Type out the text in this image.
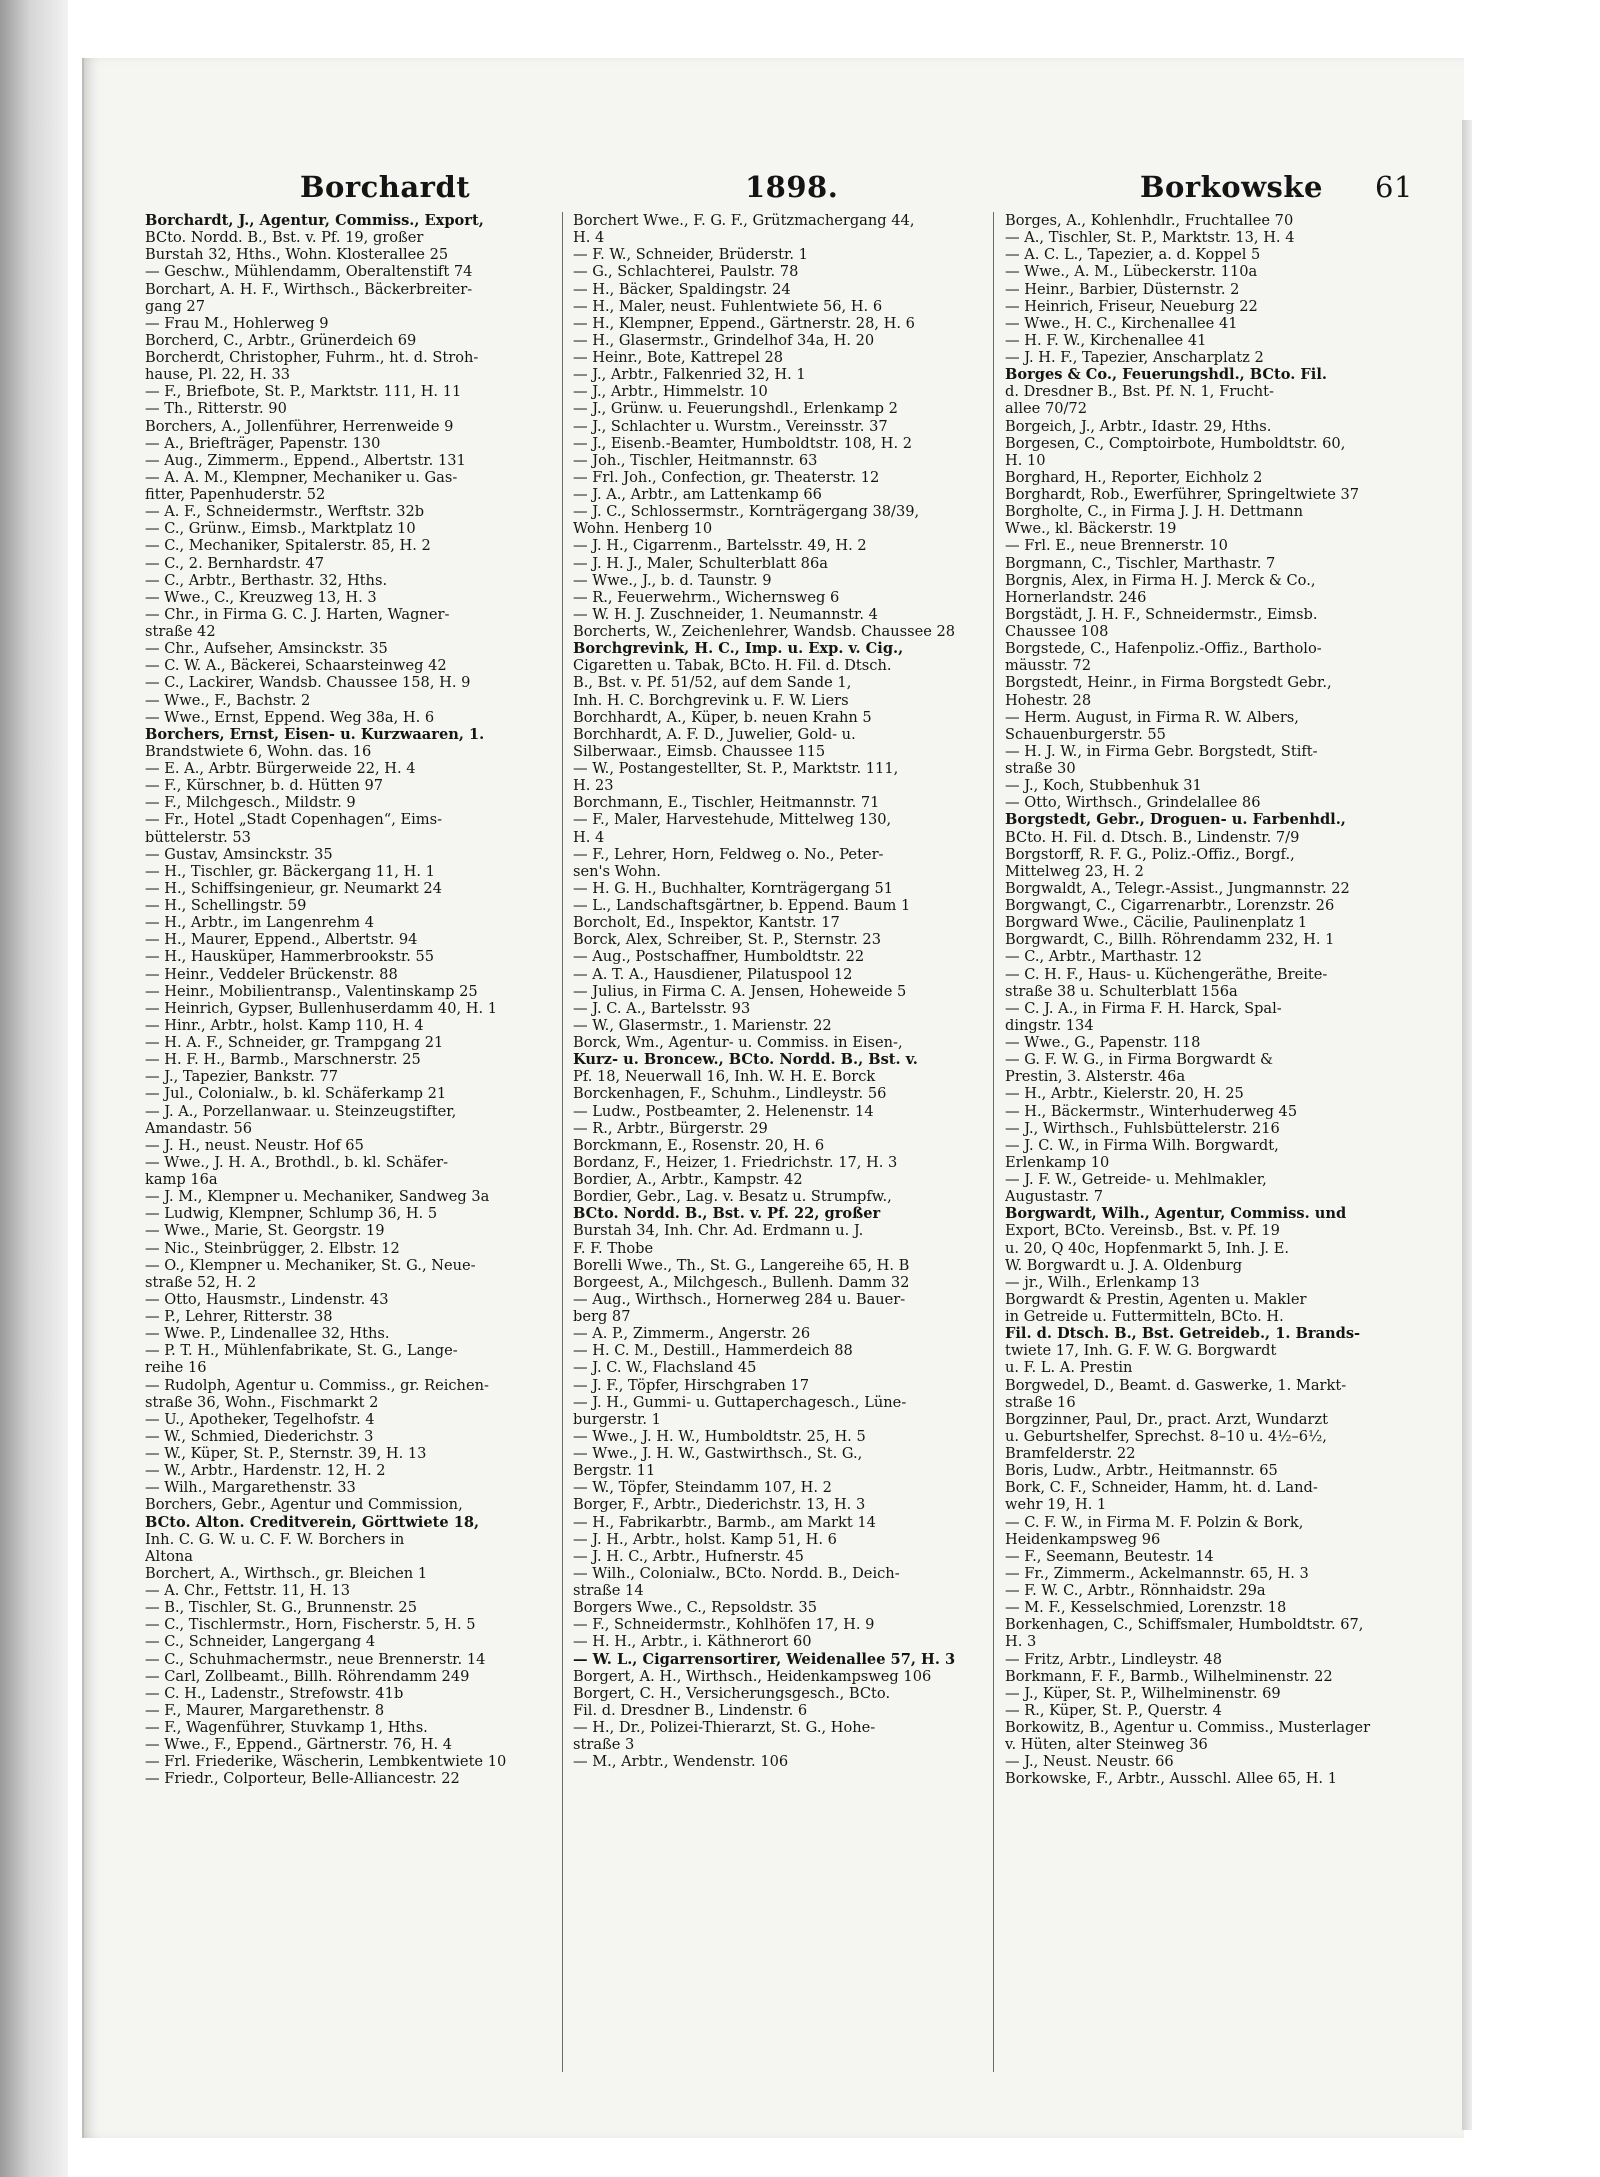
Borchardt	1898.	Borkowske 61
Borchardt, J., Agentur, Commiss., Export,
BCto. Nordd. B., Bst. v. Pf. 19, großer
Burstah 32, Hths., Wohn. Klosterallee 25
— Geschw., Mühlendamm, Oberaltenstift 74
Borchart, A. H. F., Wirthsch., Bäckerbreiter-
gang 27
— Frau M., Hohlerweg 9
Borcherd, C., Arbtr., Grünerdeich 69
Borcherdt, Christopher, Fuhrm., ht. d. Stroh-
hause, Pl. 22, H. 33
— F., Briefbote, St. P., Marktstr. 111, H. 11
— Th., Ritterstr. 90
Borchers, A., Jollenführer, Herrenweide 9
— A., Briefträger, Papenstr. 130
— Aug., Zimmerm., Eppend., Albertstr. 131
— A. A. M., Klempner, Mechaniker u. Gas-
fitter, Papenhuderstr. 52
— A. F., Schneidermstr., Werftstr. 32b
— C., Grünw., Eimsb., Marktplatz 10
— C., Mechaniker, Spitalerstr. 85, H. 2
— C., 2. Bernhardstr. 47
— C., Arbtr., Berthastr. 32, Hths.
— Wwe., C., Kreuzweg 13, H. 3
— Chr., in Firma G. C. J. Harten, Wagner-
straße 42
— Chr., Aufseher, Amsinckstr. 35
— C. W. A., Bäckerei, Schaarsteinweg 42
— C., Lackirer, Wandsb. Chaussee 158, H. 9
— Wwe., F., Bachstr. 2
— Wwe., Ernst, Eppend. Weg 38a, H. 6
Borchers, Ernst, Eisen- u. Kurzwaaren, 1.
Brandstwiete 6, Wohn. das. 16
— E. A., Arbtr. Bürgerweide 22, H. 4
— F., Kürschner, b. d. Hütten 97
— F., Milchgesch., Mildstr. 9
— Fr., Hotel „Stadt Copenhagen“, Eims-
büttelerstr. 53
— Gustav, Amsinckstr. 35
— H., Tischler, gr. Bäckergang 11, H. 1
— H., Schiffsingenieur, gr. Neumarkt 24
— H., Schellingstr. 59
— H., Arbtr., im Langenrehm 4
— H., Maurer, Eppend., Albertstr. 94
— H., Hausküper, Hammerbrookstr. 55
— Heinr., Veddeler Brückenstr. 88
— Heinr., Mobilientransp., Valentinskamp 25
— Heinrich, Gypser, Bullenhuserdamm 40, H. 1
— Hinr., Arbtr., holst. Kamp 110, H. 4
— H. A. F., Schneider, gr. Trampgang 21
— H. F. H., Barmb., Marschnerstr. 25
— J., Tapezier, Bankstr. 77
— Jul., Colonialw., b. kl. Schäferkamp 21
— J. A., Porzellanwaar. u. Steinzeugstifter,
Amandastr. 56
— J. H., neust. Neustr. Hof 65
— Wwe., J. H. A., Brothdl., b. kl. Schäfer-
kamp 16a
— J. M., Klempner u. Mechaniker, Sandweg 3a
— Ludwig, Klempner, Schlump 36, H. 5
— Wwe., Marie, St. Georgstr. 19
— Nic., Steinbrügger, 2. Elbstr. 12
— O., Klempner u. Mechaniker, St. G., Neue-
straße 52, H. 2
— Otto, Hausmstr., Lindenstr. 43
— P., Lehrer, Ritterstr. 38
— Wwe. P., Lindenallee 32, Hths.
— P. T. H., Mühlenfabrikate, St. G., Lange-
reihe 16
— Rudolph, Agentur u. Commiss., gr. Reichen-
straße 36, Wohn., Fischmarkt 2
— U., Apotheker, Tegelhofstr. 4
— W., Schmied, Diederichstr. 3
— W., Küper, St. P., Sternstr. 39, H. 13
— W., Arbtr., Hardenstr. 12, H. 2
— Wilh., Margarethenstr. 33
Borchers, Gebr., Agentur und Commission,
BCto. Alton. Creditverein, Görttwiete 18,
Inh. C. G. W. u. C. F. W. Borchers in
Altona
Borchert, A., Wirthsch., gr. Bleichen 1
— A. Chr., Fettstr. 11, H. 13
— B., Tischler, St. G., Brunnenstr. 25
— C., Tischlermstr., Horn, Fischerstr. 5, H. 5
— C., Schneider, Langergang 4
— C., Schuhmachermstr., neue Brennerstr. 14
— Carl, Zollbeamt., Billh. Röhrendamm 249
— C. H., Ladenstr., Strefowstr. 41b
— F., Maurer, Margarethenstr. 8
— F., Wagenführer, Stuvkamp 1, Hths.
— Wwe., F., Eppend., Gärtnerstr. 76, H. 4
— Frl. Friederike, Wäscherin, Lembkentwiete 10
— Friedr., Colporteur, Belle-Alliancestr. 22
Borchert Wwe., F. G. F., Grützmachergang 44,
H. 4
— F. W., Schneider, Brüderstr. 1
— G., Schlachterei, Paulstr. 78
— H., Bäcker, Spaldingstr. 24
— H., Maler, neust. Fuhlentwiete 56, H. 6
— H., Klempner, Eppend., Gärtnerstr. 28, H. 6
— H., Glasermstr., Grindelhof 34a, H. 20
— Heinr., Bote, Kattrepel 28
— J., Arbtr., Falkenried 32, H. 1
— J., Arbtr., Himmelstr. 10
— J., Grünw. u. Feuerungshdl., Erlenkamp 2
— J., Schlachter u. Wurstm., Vereinsstr. 37
— J., Eisenb.-Beamter, Humboldtstr. 108, H. 2
— Joh., Tischler, Heitmannstr. 63
— Frl. Joh., Confection, gr. Theaterstr. 12
— J. A., Arbtr., am Lattenkamp 66
— J. C., Schlossermstr., Kornträgergang 38/39,
Wohn. Henberg 10
— J. H., Cigarrenm., Bartelsstr. 49, H. 2
— J. H. J., Maler, Schulterblatt 86a
— Wwe., J., b. d. Taunstr. 9
— R., Feuerwehrm., Wichernsweg 6
— W. H. J. Zuschneider, 1. Neumannstr. 4
Borcherts, W., Zeichenlehrer, Wandsb. Chaussee 28
Borchgrevink, H. C., Imp. u. Exp. v. Cig.,
Cigaretten u. Tabak, BCto. H. Fil. d. Dtsch.
B., Bst. v. Pf. 51/52, auf dem Sande 1,
Inh. H. C. Borchgrevink u. F. W. Liers
Borchhardt, A., Küper, b. neuen Krahn 5
Borchhardt, A. F. D., Juwelier, Gold- u.
Silberwaar., Eimsb. Chaussee 115
— W., Postangestellter, St. P., Marktstr. 111,
H. 23
Borchmann, E., Tischler, Heitmannstr. 71
— F., Maler, Harvestehude, Mittelweg 130,
H. 4
— F., Lehrer, Horn, Feldweg o. No., Peter-
sen's Wohn.
— H. G. H., Buchhalter, Kornträgergang 51
— L., Landschaftsgärtner, b. Eppend. Baum 1
Borcholt, Ed., Inspektor, Kantstr. 17
Borck, Alex, Schreiber, St. P., Sternstr. 23
— Aug., Postschaffner, Humboldtstr. 22
— A. T. A., Hausdiener, Pilatuspool 12
— Julius, in Firma C. A. Jensen, Hoheweide 5
— J. C. A., Bartelsstr. 93
— W., Glasermstr., 1. Marienstr. 22
Borck, Wm., Agentur- u. Commiss. in Eisen-,
Kurz- u. Broncew., BCto. Nordd. B., Bst. v.
Pf. 18, Neuerwall 16, Inh. W. H. E. Borck
Borckenhagen, F., Schuhm., Lindleystr. 56
— Ludw., Postbeamter, 2. Helenenstr. 14
— R., Arbtr., Bürgerstr. 29
Borckmann, E., Rosenstr. 20, H. 6
Bordanz, F., Heizer, 1. Friedrichstr. 17, H. 3
Bordier, A., Arbtr., Kampstr. 42
Bordier, Gebr., Lag. v. Besatz u. Strumpfw.,
BCto. Nordd. B., Bst. v. Pf. 22, großer
Burstah 34, Inh. Chr. Ad. Erdmann u. J.
F. F. Thobe
Borelli Wwe., Th., St. G., Langereihe 65, H. B
Borgeest, A., Milchgesch., Bullenh. Damm 32
— Aug., Wirthsch., Hornerweg 284 u. Bauer-
berg 87
— A. P., Zimmerm., Angerstr. 26
— H. C. M., Destill., Hammerdeich 88
— J. C. W., Flachsland 45
— J. F., Töpfer, Hirschgraben 17
— J. H., Gummi- u. Guttaperchagesch., Lüne-
burgerstr. 1
— Wwe., J. H. W., Humboldtstr. 25, H. 5
— Wwe., J. H. W., Gastwirthsch., St. G.,
Bergstr. 11
— W., Töpfer, Steindamm 107, H. 2
Borger, F., Arbtr., Diederichstr. 13, H. 3
— H., Fabrikarbtr., Barmb., am Markt 14
— J. H., Arbtr., holst. Kamp 51, H. 6
— J. H. C., Arbtr., Hufnerstr. 45
— Wilh., Colonialw., BCto. Nordd. B., Deich-
straße 14
Borgers Wwe., C., Repsoldstr. 35
— F., Schneidermstr., Kohlhöfen 17, H. 9
— H. H., Arbtr., i. Käthnerort 60
— W. L., Cigarrensortirer, Weidenallee 57, H. 3
Borgert, A. H., Wirthsch., Heidenkampsweg 106
Borgert, C. H., Versicherungsgesch., BCto.
Fil. d. Dresdner B., Lindenstr. 6
— H., Dr., Polizei-Thierarzt, St. G., Hohe-
straße 3
— M., Arbtr., Wendenstr. 106
Borges, A., Kohlenhdlr., Fruchtallee 70
— A., Tischler, St. P., Marktstr. 13, H. 4
— A. C. L., Tapezier, a. d. Koppel 5
— Wwe., A. M., Lübeckerstr. 110a
— Heinr., Barbier, Düsternstr. 2
— Heinrich, Friseur, Neueburg 22
— Wwe., H. C., Kirchenallee 41
— H. F. W., Kirchenallee 41
— J. H. F., Tapezier, Anscharplatz 2
Borges & Co., Feuerungshdl., BCto. Fil.
d. Dresdner B., Bst. Pf. N. 1, Frucht-
allee 70/72
Borgeich, J., Arbtr., Idastr. 29, Hths.
Borgesen, C., Comptoirbote, Humboldtstr. 60,
H. 10
Borghard, H., Reporter, Eichholz 2
Borghardt, Rob., Ewerführer, Springeltwiete 37
Borgholte, C., in Firma J. J. H. Dettmann
Wwe., kl. Bäckerstr. 19
— Frl. E., neue Brennerstr. 10
Borgmann, C., Tischler, Marthastr. 7
Borgnis, Alex, in Firma H. J. Merck & Co.,
Hornerlandstr. 246
Borgstädt, J. H. F., Schneidermstr., Eimsb.
Chaussee 108
Borgstede, C., Hafenpoliz.-Offiz., Bartholo-
mäusstr. 72
Borgstedt, Heinr., in Firma Borgstedt Gebr.,
Hohestr. 28
— Herm. August, in Firma R. W. Albers,
Schauenburgerstr. 55
— H. J. W., in Firma Gebr. Borgstedt, Stift-
straße 30
— J., Koch, Stubbenhuk 31
— Otto, Wirthsch., Grindelallee 86
Borgstedt, Gebr., Droguen- u. Farbenhdl.,
BCto. H. Fil. d. Dtsch. B., Lindenstr. 7/9
Borgstorff, R. F. G., Poliz.-Offiz., Borgf.,
Mittelweg 23, H. 2
Borgwaldt, A., Telegr.-Assist., Jungmannstr. 22
Borgwangt, C., Cigarrenarbtr., Lorenzstr. 26
Borgward Wwe., Cäcilie, Paulinenplatz 1
Borgwardt, C., Billh. Röhrendamm 232, H. 1
— C., Arbtr., Marthastr. 12
— C. H. F., Haus- u. Küchengeräthe, Breite-
straße 38 u. Schulterblatt 156a
— C. J. A., in Firma F. H. Harck, Spal-
dingstr. 134
— Wwe., G., Papenstr. 118
— G. F. W. G., in Firma Borgwardt &
Prestin, 3. Alsterstr. 46a
— H., Arbtr., Kielerstr. 20, H. 25
— H., Bäckermstr., Winterhuderweg 45
— J., Wirthsch., Fuhlsbüttelerstr. 216
— J. C. W., in Firma Wilh. Borgwardt,
Erlenkamp 10
— J. F. W., Getreide- u. Mehlmakler,
Augustastr. 7
Borgwardt, Wilh., Agentur, Commiss. und
Export, BCto. Vereinsb., Bst. v. Pf. 19
u. 20, Q 40c, Hopfenmarkt 5, Inh. J. E.
W. Borgwardt u. J. A. Oldenburg
— jr., Wilh., Erlenkamp 13
Borgwardt & Prestin, Agenten u. Makler
in Getreide u. Futtermitteln, BCto. H.
Fil. d. Dtsch. B., Bst. Getreideb., 1. Brands-
twiete 17, Inh. G. F. W. G. Borgwardt
u. F. L. A. Prestin
Borgwedel, D., Beamt. d. Gaswerke, 1. Markt-
straße 16
Borgzinner, Paul, Dr., pract. Arzt, Wundarzt
u. Geburtshelfer, Sprechst. 8–10 u. 4½–6½,
Bramfelderstr. 22
Boris, Ludw., Arbtr., Heitmannstr. 65
Bork, C. F., Schneider, Hamm, ht. d. Land-
wehr 19, H. 1
— C. F. W., in Firma M. F. Polzin & Bork,
Heidenkampsweg 96
— F., Seemann, Beutestr. 14
— Fr., Zimmerm., Ackelmannstr. 65, H. 3
— F. W. C., Arbtr., Rönnhaidstr. 29a
— M. F., Kesselschmied, Lorenzstr. 18
Borkenhagen, C., Schiffsmaler, Humboldtstr. 67,
H. 3
— Fritz, Arbtr., Lindleystr. 48
Borkmann, F. F., Barmb., Wilhelminenstr. 22
— J., Küper, St. P., Wilhelminenstr. 69
— R., Küper, St. P., Querstr. 4
Borkowitz, B., Agentur u. Commiss., Musterlager
v. Hüten, alter Steinweg 36
— J., Neust. Neustr. 66
Borkowske, F., Arbtr., Ausschl. Allee 65, H. 1
